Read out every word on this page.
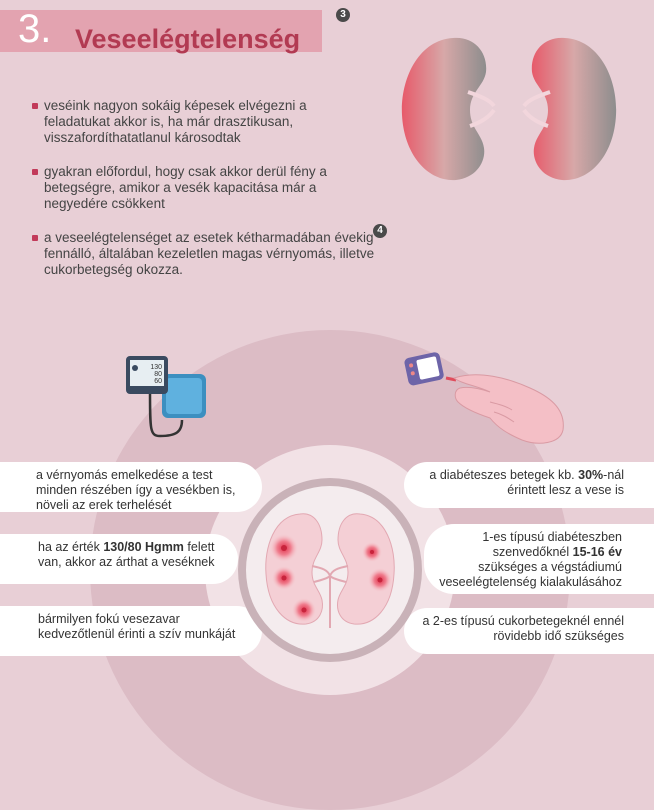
3. Veseelégtelenség
3
veséink nagyon sokáig képesek elvégezni a feladatukat akkor is, ha már drasztikusan, visszafordíthatatlanul károsodtak
gyakran előfordul, hogy csak akkor derül fény a betegségre, amikor a vesék kapacitása már a negyedére csökkent
a veseelégtelenséget az esetek kétharmadában évekig fennálló, általában kezeletlen magas vérnyomás, illetve cukorbetegség okozza.
4
130
80
60
a vérnyomás emelkedése a test minden részében így a vesékben is, növeli az erek terhelését
ha az érték 130/80 Hgmm felett van, akkor az árthat a veséknek
bármilyen fokú vesezavar kedvezőtlenül érinti a szív munkáját
a diabéteszes betegek kb. 30%-nál érintett lesz a vese is
1-es típusú diabéteszben szenvedőknél 15-16 év szükséges a végstádiumú veseelégtelenség kialakulásához
a 2-es típusú cukorbetegeknél ennél rövidebb idő szükséges
